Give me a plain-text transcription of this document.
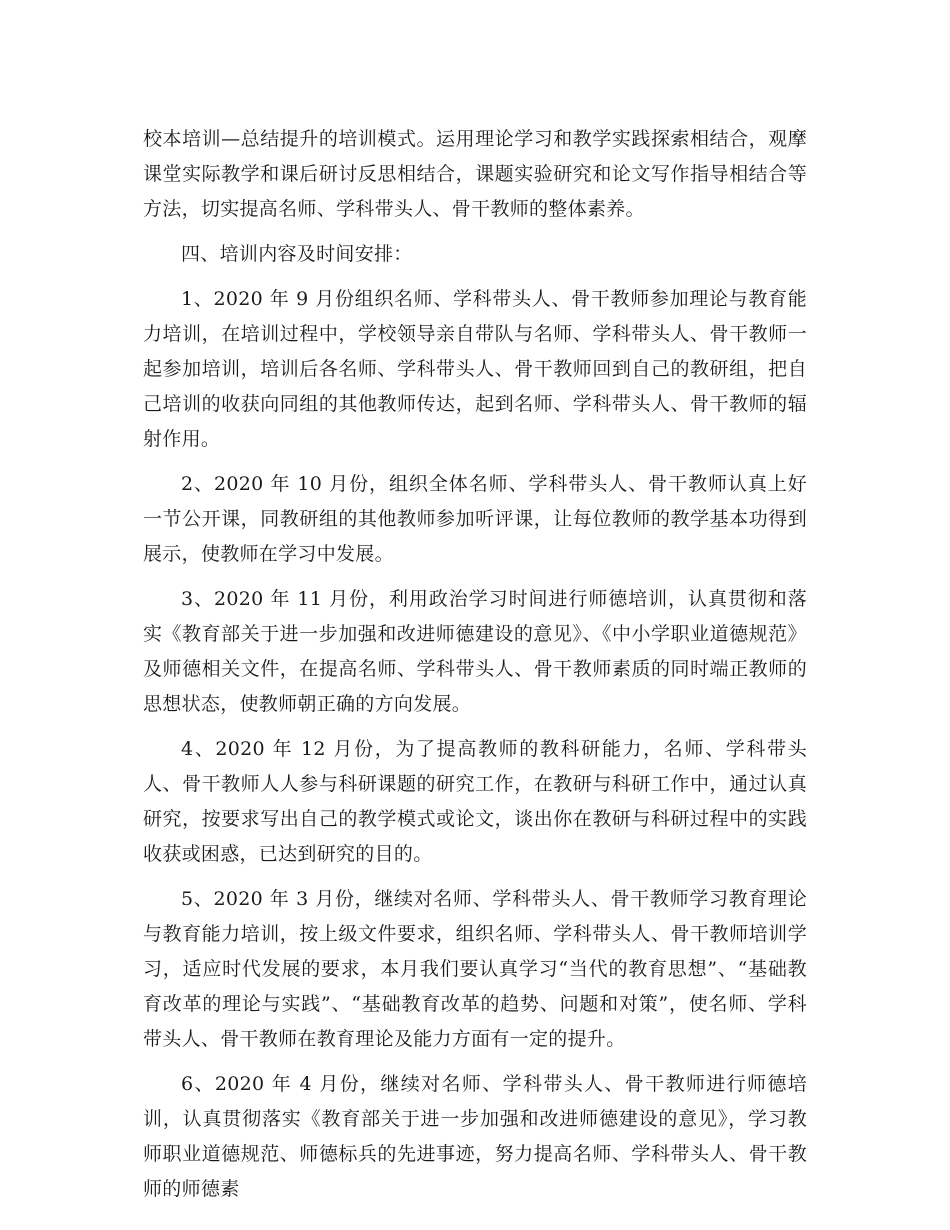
校本培训—总结提升的培训模式。运用理论学习和教学实践探索相结合，观摩课堂实际教学和课后研讨反思相结合，课题实验研究和论文写作指导相结合等方法，切实提高名师、学科带头人、骨干教师的整体素养。

四、培训内容及时间安排：

1、2020 年 9 月份组织名师、学科带头人、骨干教师参加理论与教育能力培训，在培训过程中，学校领导亲自带队与名师、学科带头人、骨干教师一起参加培训，培训后各名师、学科带头人、骨干教师回到自己的教研组，把自己培训的收获向同组的其他教师传达，起到名师、学科带头人、骨干教师的辐射作用。

2、2020 年 10 月份，组织全体名师、学科带头人、骨干教师认真上好一节公开课，同教研组的其他教师参加听评课，让每位教师的教学基本功得到展示，使教师在学习中发展。

3、2020 年 11 月份，利用政治学习时间进行师德培训，认真贯彻和落实《教育部关于进一步加强和改进师德建设的意见》、《中小学职业道德规范》及师德相关文件，在提高名师、学科带头人、骨干教师素质的同时端正教师的思想状态，使教师朝正确的方向发展。

4、2020 年 12 月份，为了提高教师的教科研能力，名师、学科带头人、骨干教师人人参与科研课题的研究工作，在教研与科研工作中，通过认真研究，按要求写出自己的教学模式或论文，谈出你在教研与科研过程中的实践收获或困惑，已达到研究的目的。

5、2020 年 3 月份，继续对名师、学科带头人、骨干教师学习教育理论与教育能力培训，按上级文件要求，组织名师、学科带头人、骨干教师培训学习，适应时代发展的要求，本月我们要认真学习“当代的教育思想”、“基础教育改革的理论与实践”、“基础教育改革的趋势、问题和对策”，使名师、学科带头人、骨干教师在教育理论及能力方面有一定的提升。

6、2020 年 4 月份，继续对名师、学科带头人、骨干教师进行师德培训，认真贯彻落实《教育部关于进一步加强和改进师德建设的意见》，学习教师职业道德规范、师德标兵的先进事迹，努力提高名师、学科带头人、骨干教师的师德素
